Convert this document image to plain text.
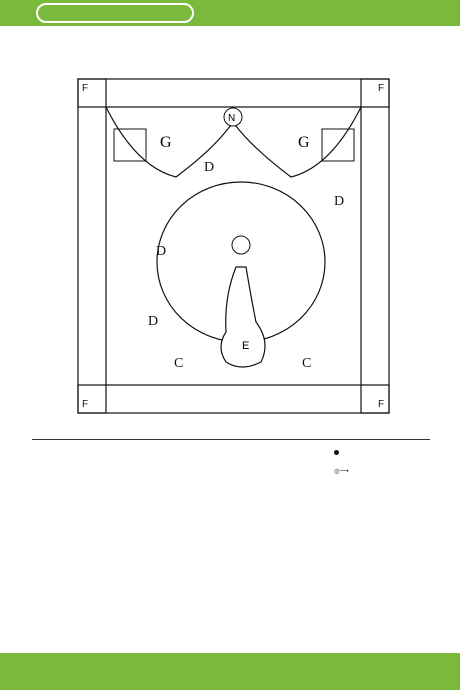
F	F
F	F
N
G	G
E
D
D
D
D
C	C
◎⟶
